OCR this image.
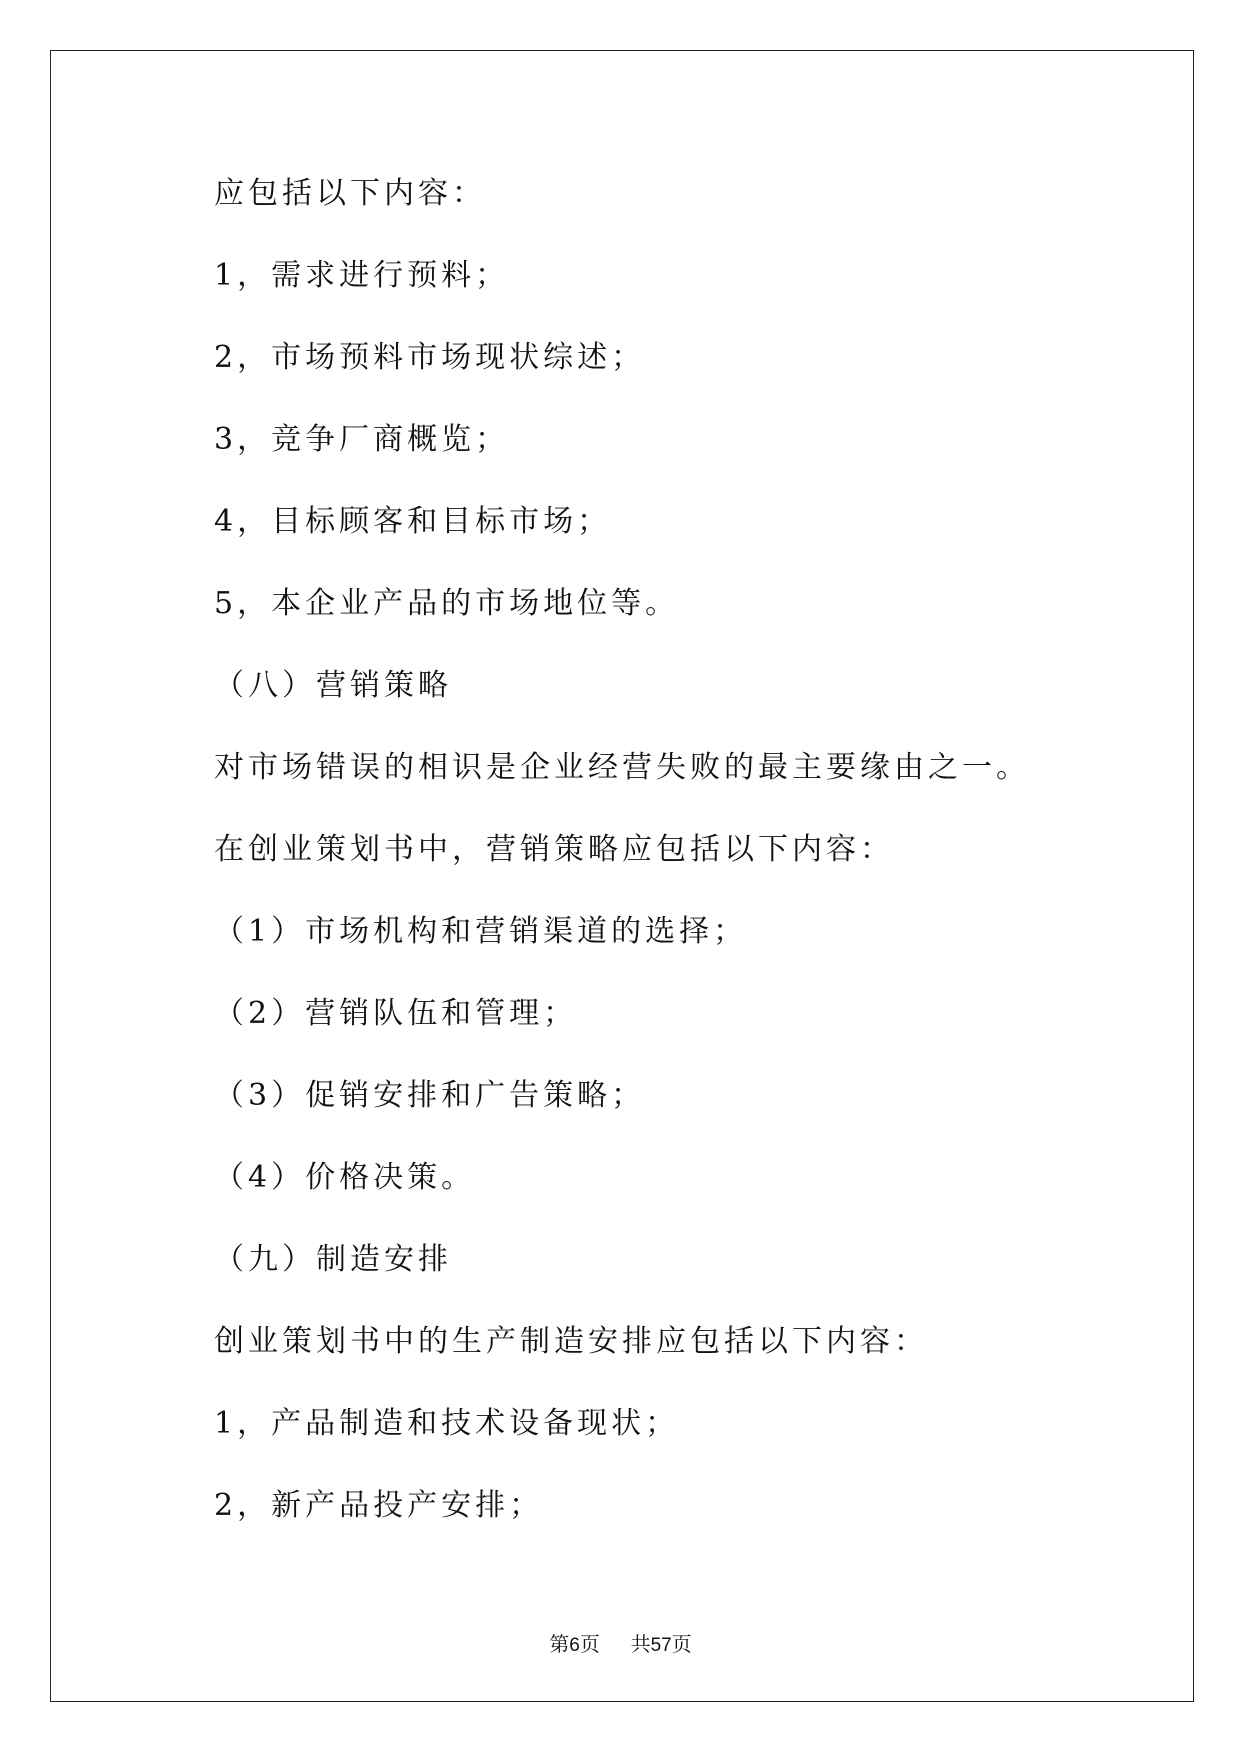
应包括以下内容：
1，需求进行预料；
2，市场预料市场现状综述；
3，竞争厂商概览；
4，目标顾客和目标市场；
5，本企业产品的市场地位等。
（八）营销策略
对市场错误的相识是企业经营失败的最主要缘由之一。
在创业策划书中，营销策略应包括以下内容：
（1）市场机构和营销渠道的选择；
（2）营销队伍和管理；
（3）促销安排和广告策略；
（4）价格决策。
（九）制造安排
创业策划书中的生产制造安排应包括以下内容：
1，产品制造和技术设备现状；
2，新产品投产安排；
第6页 共57页
